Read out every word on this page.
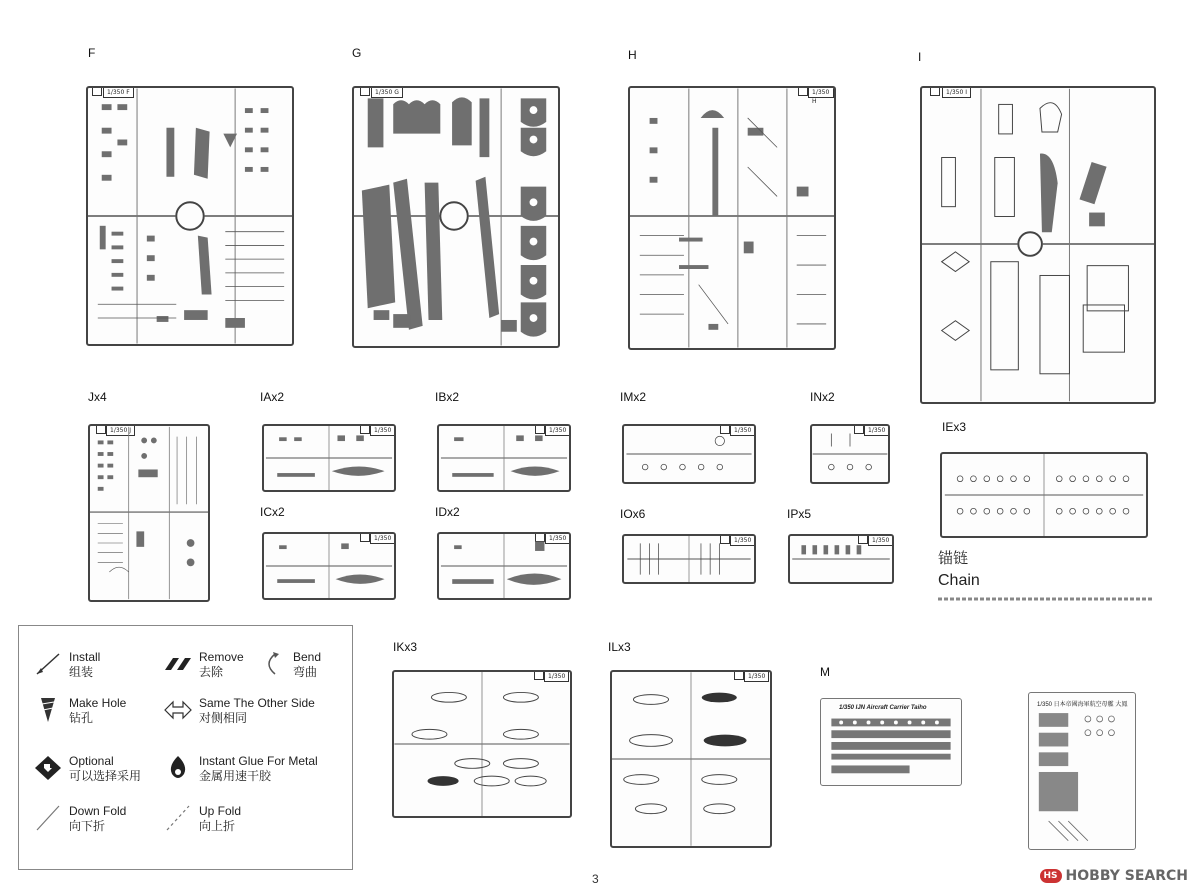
F	G	H	I
Jx4	IAx2	IBx2	IMx2	INx2
IEx3
ICx2	IDx2	IOx6	IPx5
IKx3	ILx3
M
1/350 F	1/350 G	1/350 H
1/350 I
1/350 J	1/350	1/350
1/350	1/350
1/350	1/350
1/350	1/350
锚链
Chain
1/350	1/350
1/350 IJN Aircraft Carrier Taiho	1/350 日本帝國海軍航空母艦 大鳳
Install
组装
Remove
去除
Bend
弯曲
Make Hole
钻孔
Same The Other Side
对侧相同
Optional
可以选择采用
Instant Glue For Metal
金属用速干胶
Down Fold
向下折
Up Fold
向上折
3	HS HOBBY SEARCH
